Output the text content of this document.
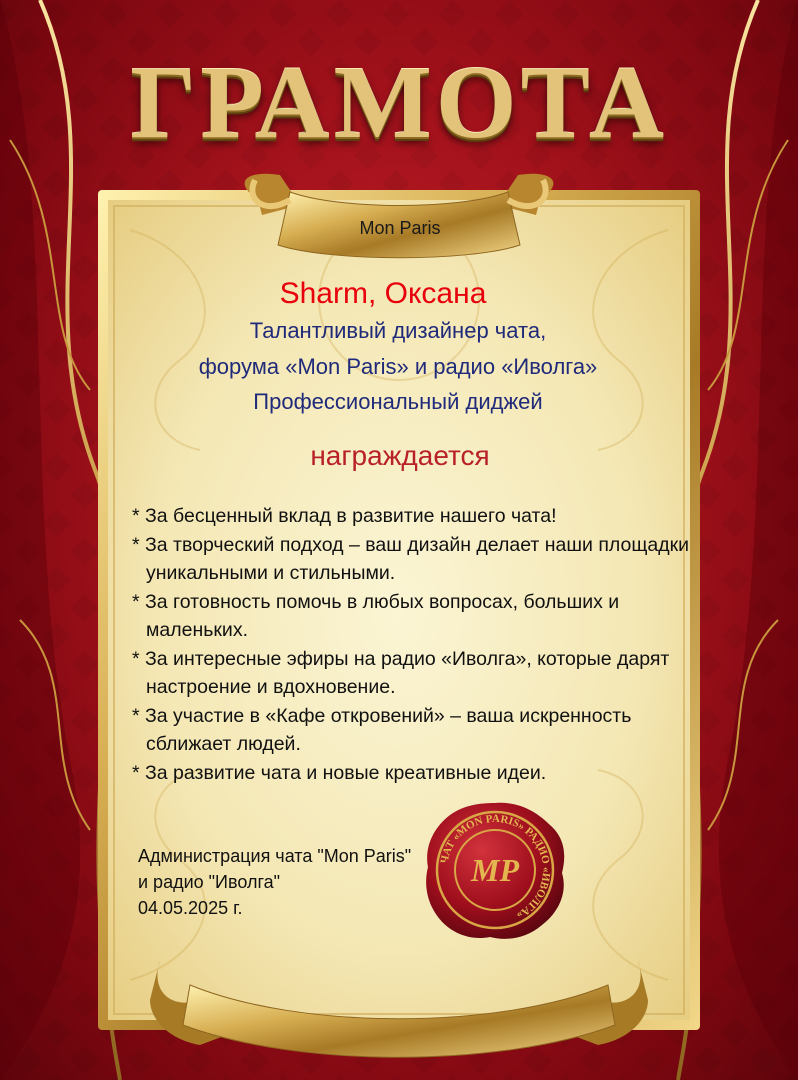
ГРАМОТА
Mon Paris
Sharm, Оксана
Талантливый дизайнер чата,
форума «Mon Paris» и радио «Иволга»
Профессиональный диджей
награждается
* За бесценный вклад в развитие нашего чата!
* За творческий подход – ваш дизайн делает наши площадки уникальными и стильными.
* За готовность помочь в любых вопросах, больших и маленьких.
* За интересные эфиры на радио «Иволга», которые дарят настроение и вдохновение.
* За участие в «Кафе откровений» – ваша искренность сближает людей.
* За развитие чата и новые креативные идеи.
Администрация чата "Mon Paris"
и радио "Иволга"
04.05.2025 г.
ЧАТ «MON PARIS» РАДИО «ИВОЛГА»
MP
